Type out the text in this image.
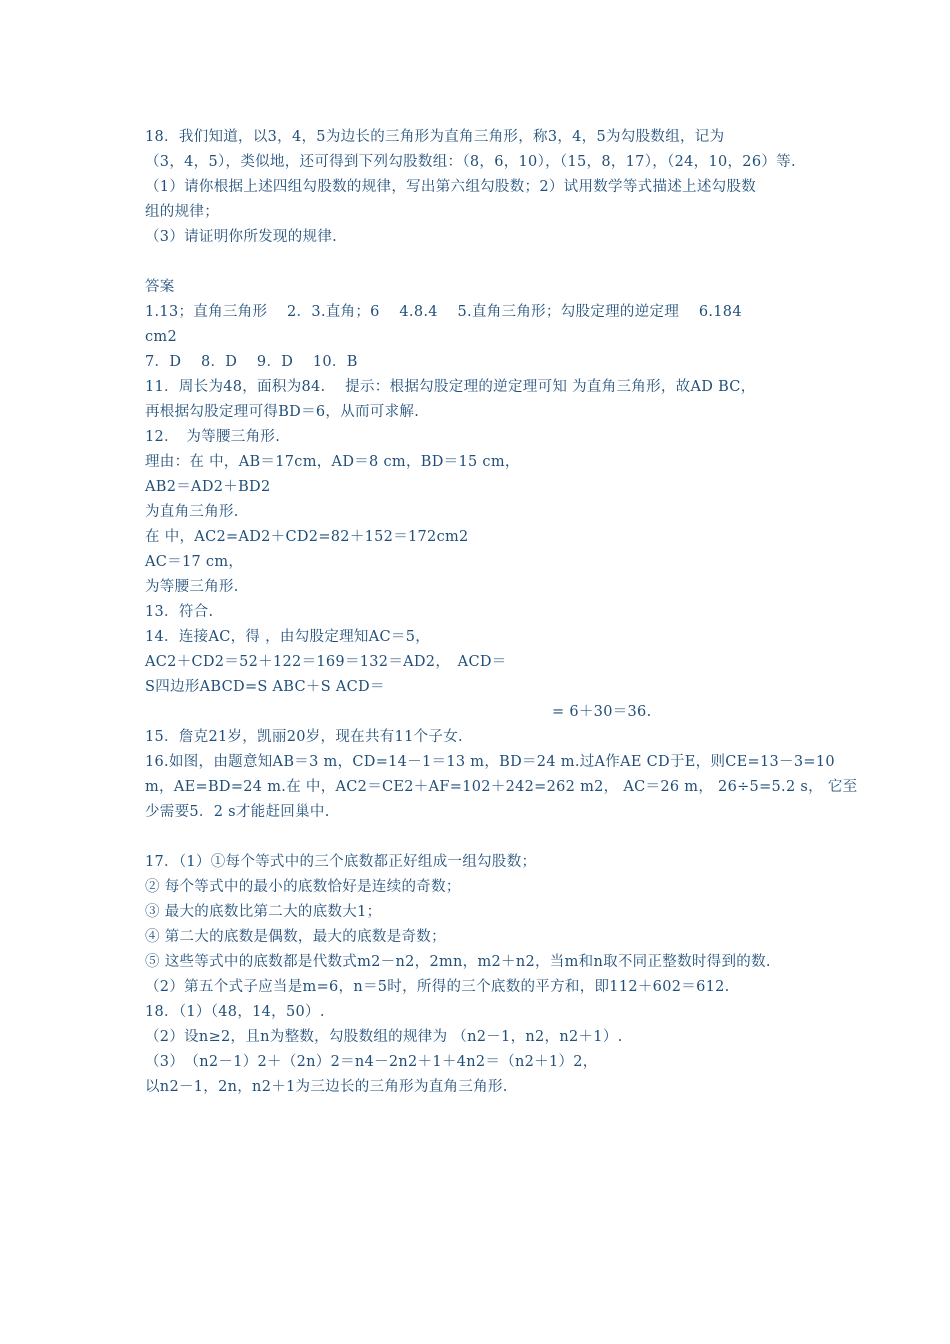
18．我们知道，以3，4，5为边长的三角形为直角三角形，称3，4，5为勾股数组，记为
（3，4，5），类似地，还可得到下列勾股数组：（8，6，10），（15，8，17），（24，10，26）等.
（1）请你根据上述四组勾股数的规律，写出第六组勾股数；2）试用数学等式描述上述勾股数
组的规律；
（3）请证明你所发现的规律.
答案
1.13；直角三角形　 2．3.直角；6　 4.8.4　 5.直角三角形；勾股定理的逆定理　 6.184
cm2
7．D　 8．D　 9．D　 10．B
11．周长为48，面积为84.　 提示：根据勾股定理的逆定理可知 为直角三角形，故AD BC，
再根据勾股定理可得BD＝6，从而可求解.
12．　为等腰三角形.
理由：在 中，AB＝17cm，AD＝8 cm，BD＝15 cm，
AB2＝AD2＋BD2
为直角三角形.
在 中，AC2=AD2＋CD2=82＋152＝172cm2
AC＝17 cm，
为等腰三角形.
13．符合.
14．连接AC，得 ，由勾股定理知AC＝5，
AC2＋CD2＝52＋122＝169＝132＝AD2，　ACD＝
S四边形ABCD=S ABC＋S ACD＝
= 6＋30＝36.
15．詹克21岁，凯丽20岁，现在共有11个子女.
16.如图，由题意知AB＝3 m，CD=14－1＝13 m，BD＝24 m.过A作AE CD于E，则CE=13－3=10
m，AE=BD=24 m.在 中，AC2＝CE2＋AF=102＋242=262 m2， AC＝26 m， 26÷5=5.2 s， 它至
少需要5．2 s才能赶回巢中.
17．（1）①每个等式中的三个底数都正好组成一组勾股数；
② 每个等式中的最小的底数恰好是连续的奇数；
③ 最大的底数比第二大的底数大1；
④ 第二大的底数是偶数，最大的底数是奇数；
⑤ 这些等式中的底数都是代数式m2－n2，2mn，m2＋n2，当m和n取不同正整数时得到的数.
（2）第五个式子应当是m=6，n＝5时，所得的三个底数的平方和，即112＋602＝612.
18．（1）（48，14，50）.
（2）设n≥2，且n为整数，勾股数组的规律为 （n2－1，n2，n2＋1）.
（3）　（n2－1）2＋（2n）2＝n4－2n2＋1＋4n2＝（n2＋1）2，
以n2－1，2n，n2＋1为三边长的三角形为直角三角形.
